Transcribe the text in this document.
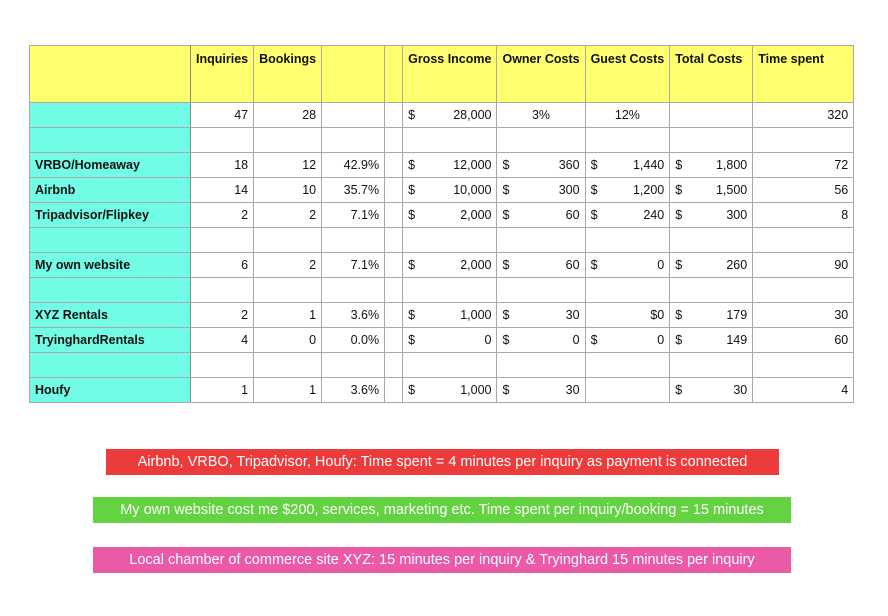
	Inquiries	Bookings			Gross Income	Owner Costs	Guest Costs	Total Costs	Time spent
	47	28			$ 28,000	3%	12%		320

VRBO/Homeaway	18	12	42.9%		$ 12,000	$ 360	$ 1,440	$ 1,800	72
Airbnb	14	10	35.7%		$ 10,000	$ 300	$ 1,200	$ 1,500	56
Tripadvisor/Flipkey	2	2	7.1%		$ 2,000	$ 60	$ 240	$ 300	8

My own website	6	2	7.1%		$ 2,000	$ 60	$ 0	$ 260	90

XYZ Rentals	2	1	3.6%		$ 1,000	$ 30	$0	$ 179	30
TryinghardRentals	4	0	0.0%		$ 0	$ 0	$ 0	$ 149	60

Houfy	1	1	3.6%		$ 1,000	$ 30		$ 30	4
Airbnb, VRBO, Tripadvisor, Houfy: Time spent = 4 minutes per inquiry as payment is connected
My own website cost me $200, services, marketing etc. Time spent per inquiry/booking = 15 minutes
Local chamber of commerce site XYZ: 15 minutes per inquiry & Tryinghard 15 minutes per inquiry
